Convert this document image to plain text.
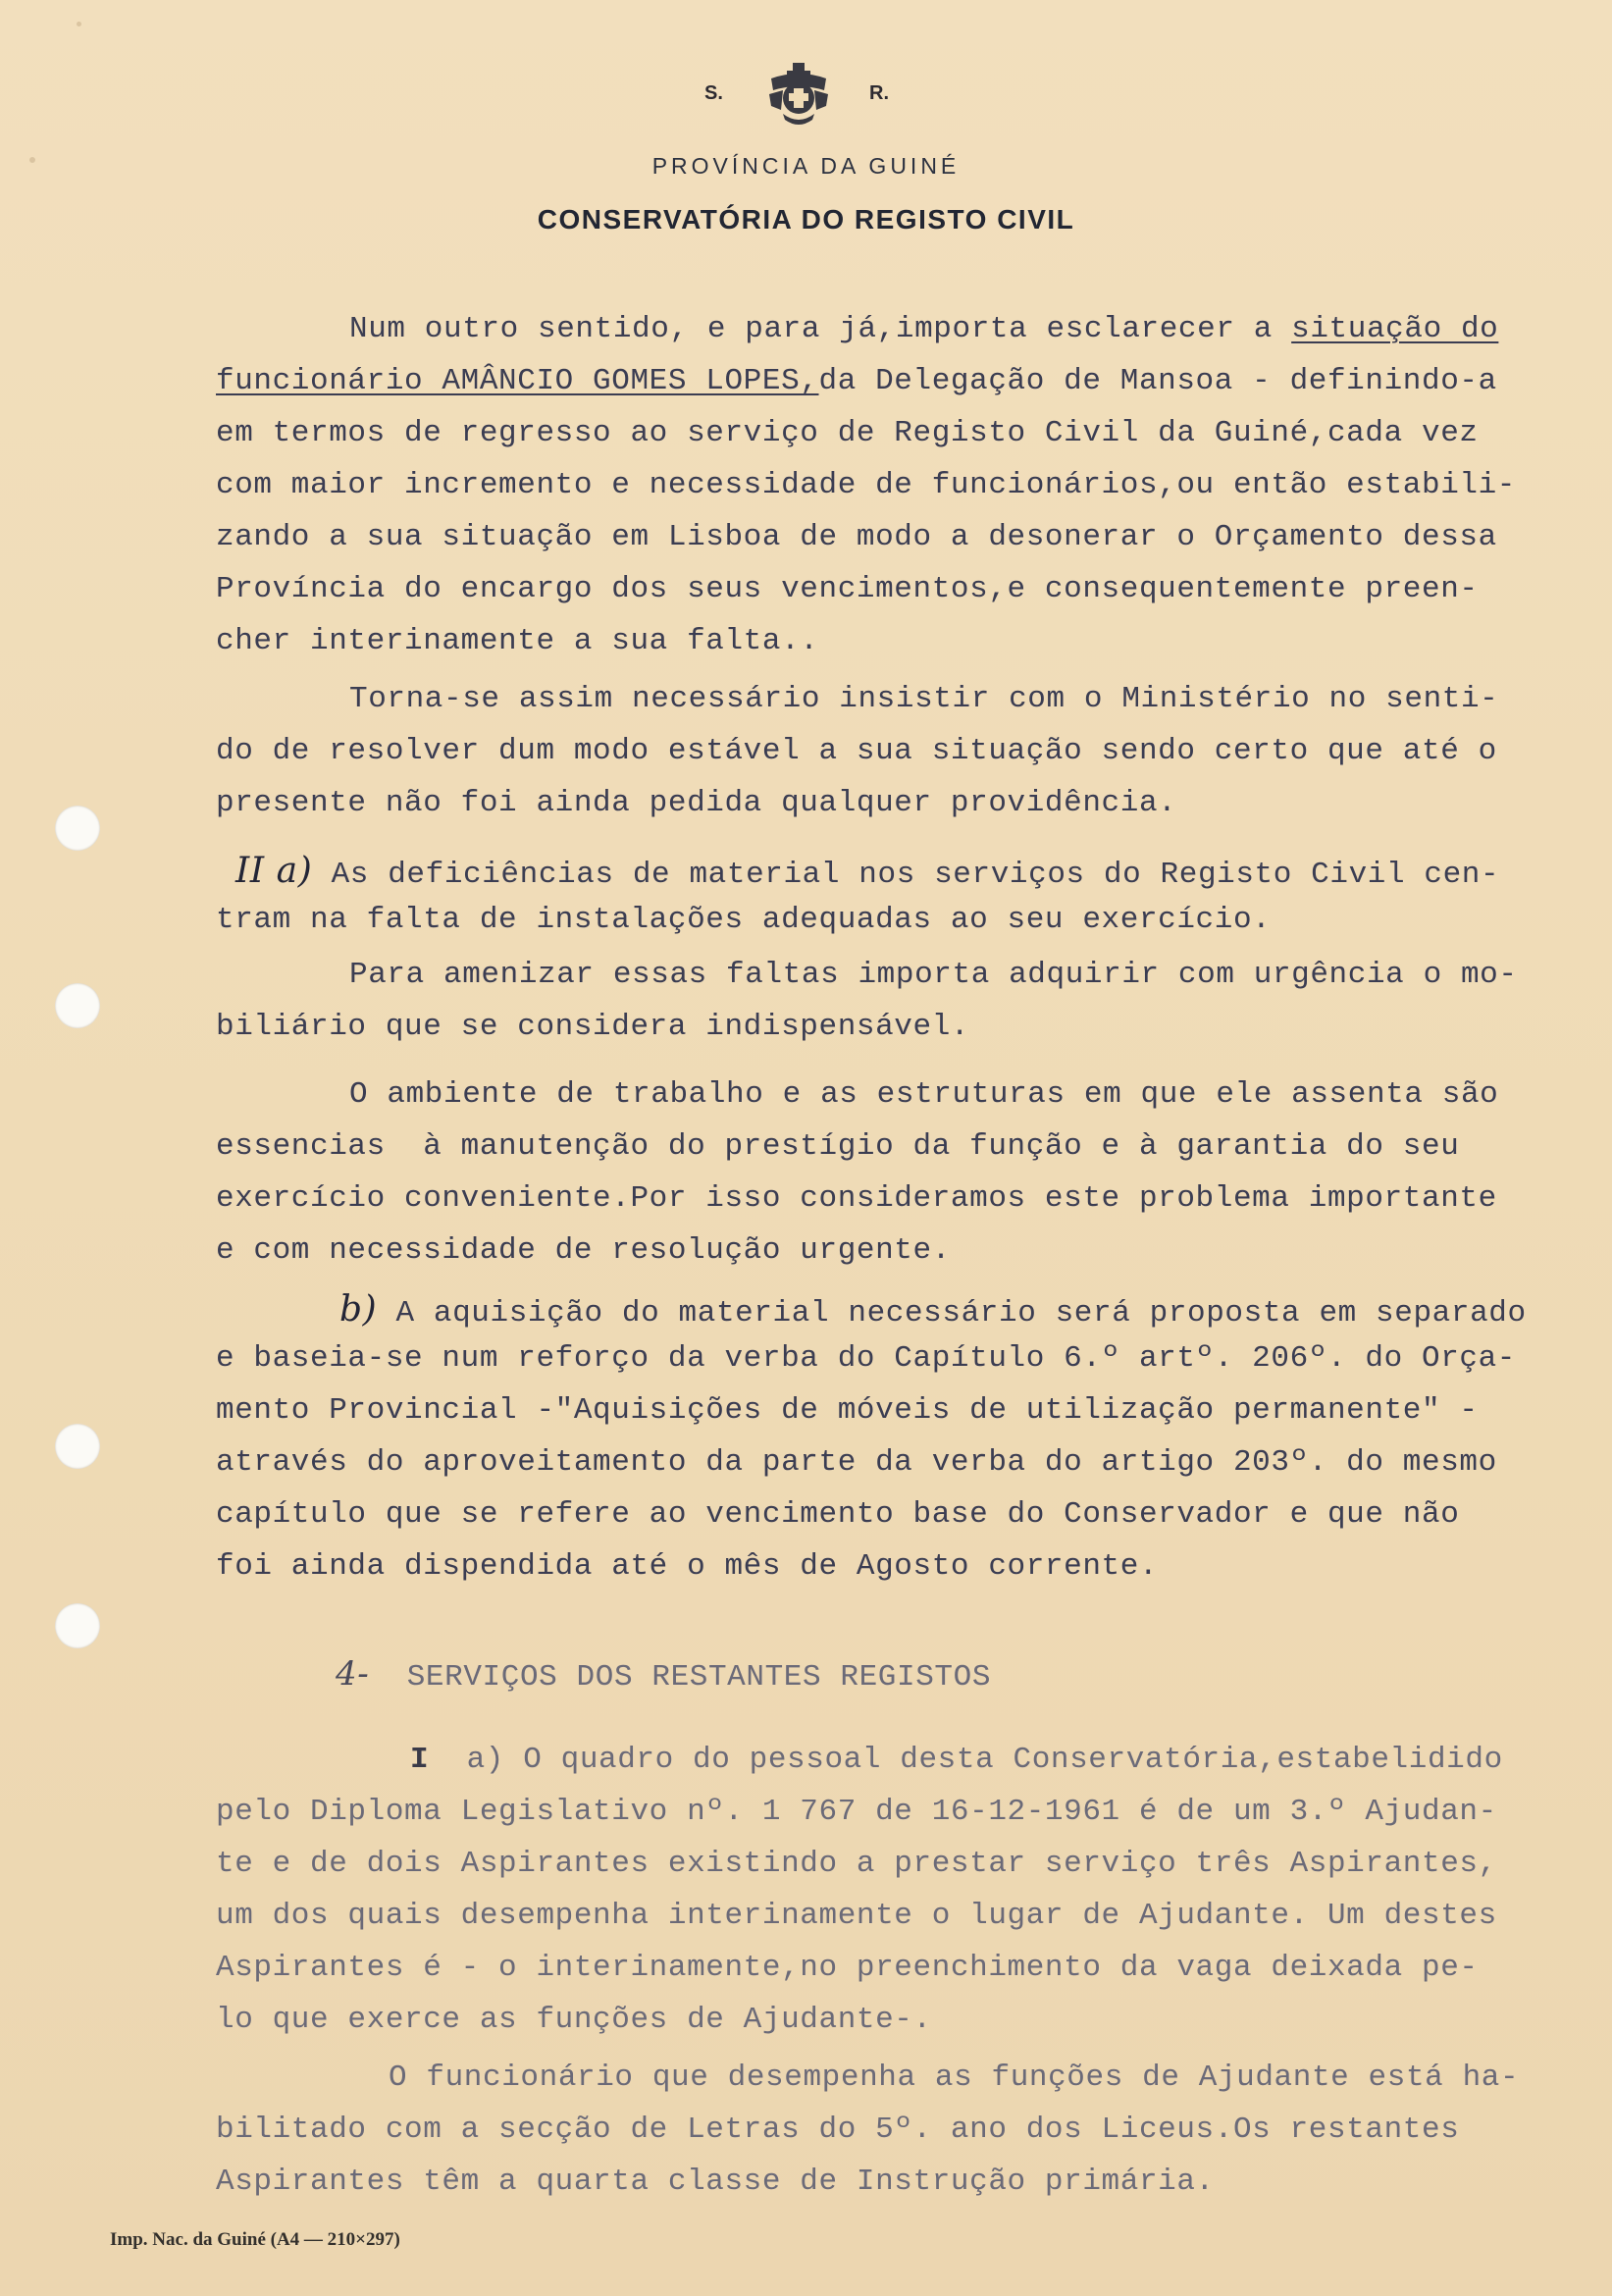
S.	R.
PROVÍNCIA DA GUINÉ
CONSERVATÓRIA DO REGISTO CIVIL
Num outro sentido, e para já,importa esclarecer a situação do
funcionário AMÂNCIO GOMES LOPES,da Delegação de Mansoa - definindo-a
em termos de regresso ao serviço de Registo Civil da Guiné,cada vez
com maior incremento e necessidade de funcionários,ou então estabili-
zando a sua situação em Lisboa de modo a desonerar o Orçamento dessa
Província do encargo dos seus vencimentos,e consequentemente preen-
cher interinamente a sua falta..
Torna-se assim necessário insistir com o Ministério no senti-
do de resolver dum modo estável a sua situação sendo certo que até o
presente não foi ainda pedida qualquer providência.
II a) As deficiências de material nos serviços do Registo Civil cen-
tram na falta de instalações adequadas ao seu exercício.
Para amenizar essas faltas importa adquirir com urgência o mo-
biliário que se considera indispensável.
O ambiente de trabalho e as estruturas em que ele assenta são
essencias  à manutenção do prestígio da função e à garantia do seu
exercício conveniente.Por isso consideramos este problema importante
e com necessidade de resolução urgente.
b) A aquisição do material necessário será proposta em separado
e baseia-se num reforço da verba do Capítulo 6.º artº. 206º. do Orça-
mento Provincial -"Aquisições de móveis de utilização permanente" -
através do aproveitamento da parte da verba do artigo 203º. do mesmo
capítulo que se refere ao vencimento base do Conservador e que não
foi ainda dispendida até o mês de Agosto corrente.
4- SERVIÇOS DOS RESTANTES REGISTOS
I a) O quadro do pessoal desta Conservatória,estabelidido
pelo Diploma Legislativo nº. 1 767 de 16-12-1961 é de um 3.º Ajudan-
te e de dois Aspirantes existindo a prestar serviço três Aspirantes,
um dos quais desempenha interinamente o lugar de Ajudante. Um destes
Aspirantes é - o interinamente,no preenchimento da vaga deixada pe-
lo que exerce as funções de Ajudante-.
O funcionário que desempenha as funções de Ajudante está ha-
bilitado com a secção de Letras do 5º. ano dos Liceus.Os restantes
Aspirantes têm a quarta classe de Instrução primária.
Imp. Nac. da Guiné (A4 — 210×297)
